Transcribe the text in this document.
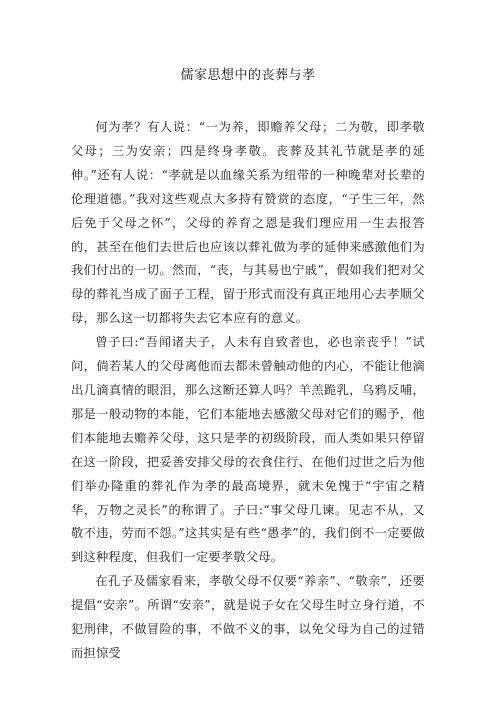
儒家思想中的丧葬与孝

何为孝？有人说：“一为养，即赡养父母；二为敬，即孝敬父母；三为安亲；四是终身孝敬。丧葬及其礼节就是孝的延伸。”还有人说：“孝就是以血缘关系为纽带的一种晚辈对长辈的伦理道德。”我对这些观点大多持有赞赏的态度，“子生三年，然后免于父母之怀”，父母的养育之恩是我们理应用一生去报答的，甚至在他们去世后也应该以葬礼做为孝的延伸来感激他们为我们付出的一切。然而，“丧，与其易也宁戚”，假如我们把对父母的葬礼当成了面子工程，留于形式而没有真正地用心去孝顺父母，那么这一切都将失去它本应有的意义。

曾子曰:“吾闻诸夫子，人未有自致者也，必也亲丧乎！”试问，倘若某人的父母离他而去都未曾触动他的内心，不能让他滴出几滴真情的眼泪，那么这断还算人吗？羊羔跪乳，乌鸦反哺，那是一般动物的本能，它们本能地去感激父母对它们的赐予，他们本能地去赡养父母，这只是孝的初级阶段，而人类如果只停留在这一阶段，把妥善安排父母的衣食住行、在他们过世之后为他们举办隆重的葬礼作为孝的最高境界，就未免愧于“宇宙之精华，万物之灵长”的称谓了。子曰:“事父母几谏。见志不从，又敬不违，劳而不怨。”这其实是有些“愚孝”的，我们倒不一定要做到这种程度，但我们一定要孝敬父母。

在孔子及儒家看来，孝敬父母不仅要“养亲”、“敬亲”，还要提倡“安亲”。所谓“安亲”，就是说子女在父母生时立身行道，不犯刑律，不做冒险的事，不做不义的事，以免父母为自己的过错而担惊受
